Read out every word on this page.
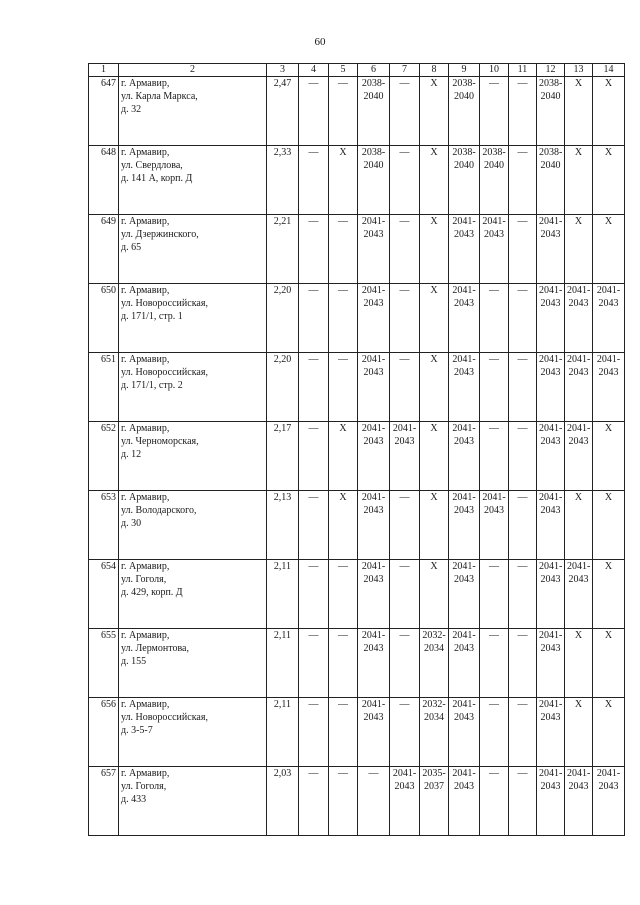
60
1	2	3	4	5	6	7	8	9	10	11	12	13	14
647	г. Армавир,
ул. Карла Маркса,
д. 32	2,47	—	—	2038-
2040	—	X	2038-
2040	—	—	2038-
2040	X	X
648	г. Армавир,
ул. Свердлова,
д. 141 А, корп. Д	2,33	—	X	2038-
2040	—	X	2038-
2040	2038-
2040	—	2038-
2040	X	X
649	г. Армавир,
ул. Дзержинского,
д. 65	2,21	—	—	2041-
2043	—	X	2041-
2043	2041-
2043	—	2041-
2043	X	X
650	г. Армавир,
ул. Новороссийская,
д. 171/1, стр. 1	2,20	—	—	2041-
2043	—	X	2041-
2043	—	—	2041-
2043	2041-
2043	2041-
2043
651	г. Армавир,
ул. Новороссийская,
д. 171/1, стр. 2	2,20	—	—	2041-
2043	—	X	2041-
2043	—	—	2041-
2043	2041-
2043	2041-
2043
652	г. Армавир,
ул. Черноморская,
д. 12	2,17	—	X	2041-
2043	2041-
2043	X	2041-
2043	—	—	2041-
2043	2041-
2043	X
653	г. Армавир,
ул. Володарского,
д. 30	2,13	—	X	2041-
2043	—	X	2041-
2043	2041-
2043	—	2041-
2043	X	X
654	г. Армавир,
ул. Гоголя,
д. 429, корп. Д	2,11	—	—	2041-
2043	—	X	2041-
2043	—	—	2041-
2043	2041-
2043	X
655	г. Армавир,
ул. Лермонтова,
д. 155	2,11	—	—	2041-
2043	—	2032-
2034	2041-
2043	—	—	2041-
2043	X	X
656	г. Армавир,
ул. Новороссийская,
д. 3-5-7	2,11	—	—	2041-
2043	—	2032-
2034	2041-
2043	—	—	2041-
2043	X	X
657	г. Армавир,
ул. Гоголя,
д. 433	2,03	—	—	—	2041-
2043	2035-
2037	2041-
2043	—	—	2041-
2043	2041-
2043	2041-
2043
